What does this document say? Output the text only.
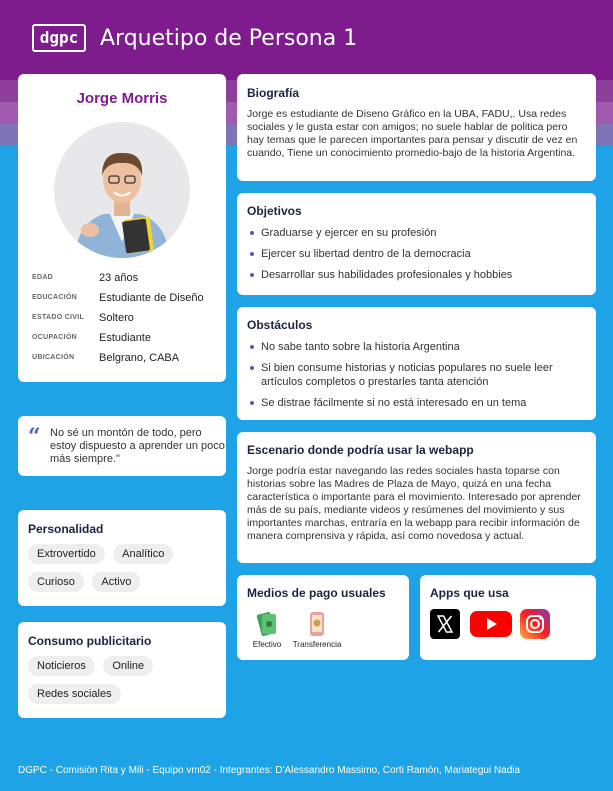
dgpc Arquetipo de Persona 1
Jorge Morris
EDAD	23 años
EDUCACIÓN	Estudiante de Diseño
ESTADO CIVIL	Soltero
OCUPACIÓN	Estudiante
UBICACIÓN	Belgrano, CABA
“ No sé un montón de todo, pero estoy dispuesto a aprender un poco más siempre."
Personalidad
Extrovertido Analítico
Curioso Activo
Consumo publicitario
Noticieros Online
Redes sociales
Biografía

Jorge es estudiante de Diseno Gráfico en la UBA, FADU,. Usa redes sociales y le gusta estar con amigos; no suele hablar de politica pero hay temas que le parecen importantes para pensar y discutir de vez en cuando, Tiene un conocimiento promedio-bajo de la historia Argentina.

Objetivos
Graduarse y ejercer en su profesión
Ejercer su libertad dentro de la democracia
Desarrollar sus habilidades profesionales y hobbies
Obstáculos
No sabe tanto sobre la historia Argentina
Si bien consume historias y noticias populares no suele leer artículos completos o prestarles tanta atención
Se distrae fácilmente si no está interesado en un tema
Escenario donde podría usar la webapp

Jorge podría estar navegando las redes sociales hasta toparse con historias sobre las Madres de Plaza de Mayo, quizá en una fecha característica o importante para el movimiento. Interesado por aprender más de su país, mediante videos y resúmenes del movimiento y sus importantes marchas, entraría en la webapp para recibir información de manera comprensiva y rápida, así como novedosa y actual.

Medios de pago usuales
Efectivo	Transferencia
Apps que usa
DGPC - Comisión Rita y Mili - Equipo vm02 - Integrantes: D'Alessandro Massimo, Corti Ramón, Mariategui Nadia
